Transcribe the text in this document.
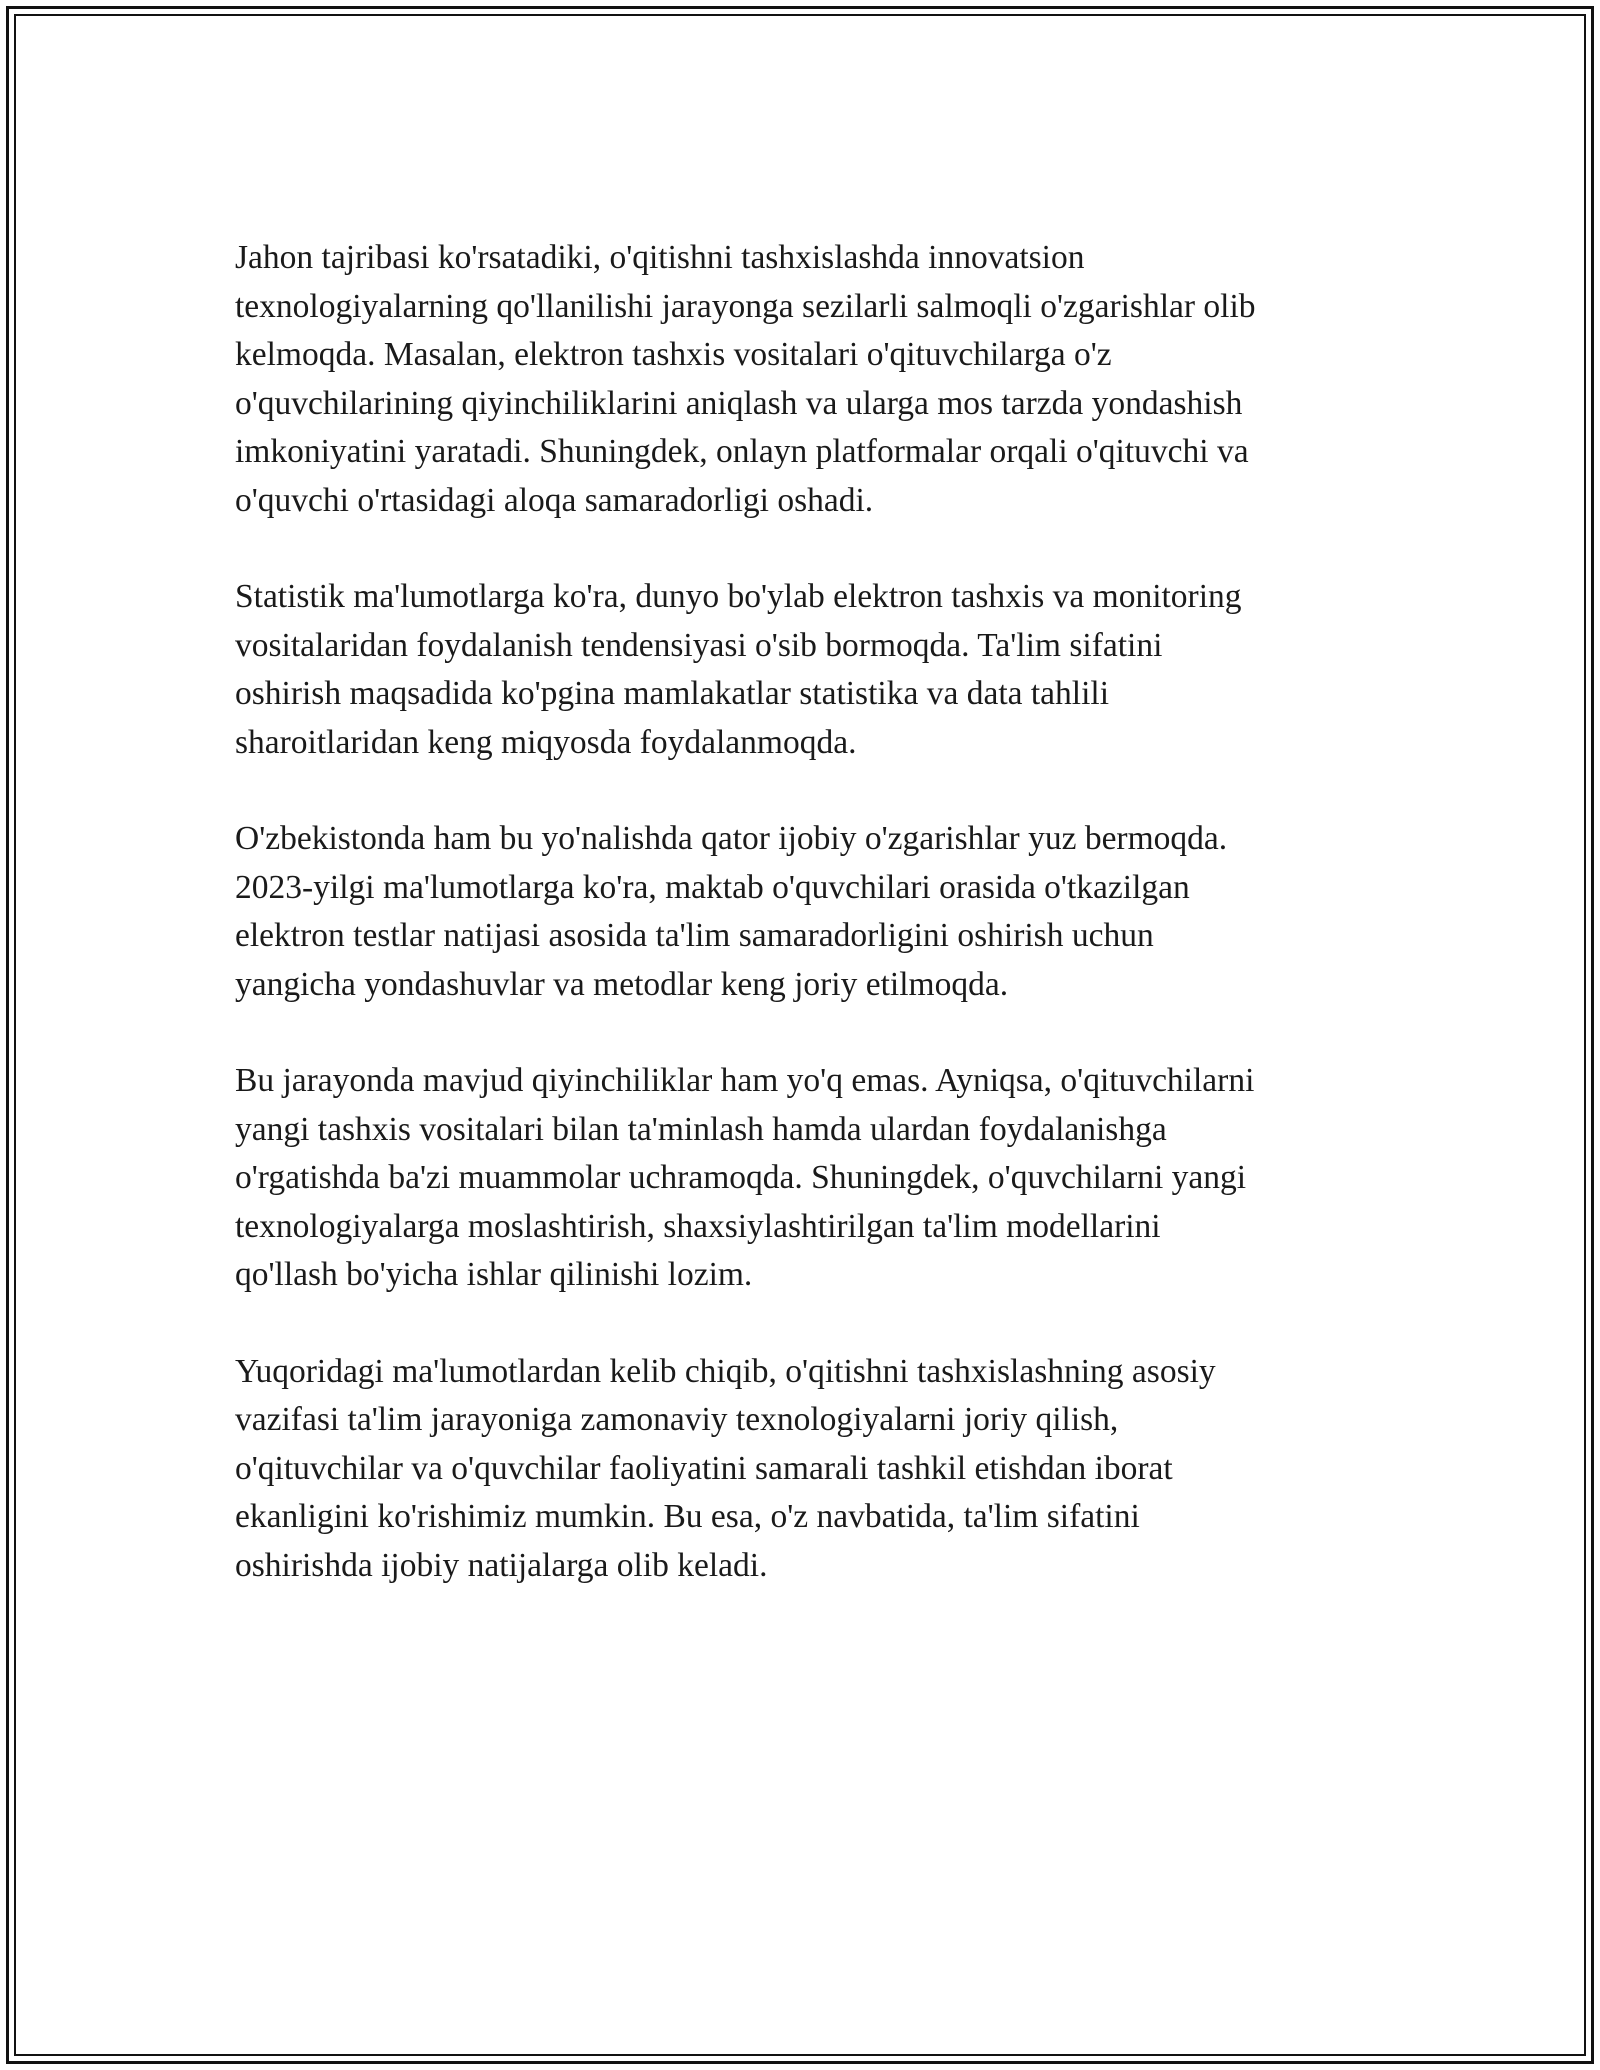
Jahon tajribasi ko'rsatadiki, o'qitishni tashxislashda innovatsion
texnologiyalarning qo'llanilishi jarayonga sezilarli salmoqli o'zgarishlar olib
kelmoqda. Masalan, elektron tashxis vositalari o'qituvchilarga o'z
o'quvchilarining qiyinchiliklarini aniqlash va ularga mos tarzda yondashish
imkoniyatini yaratadi. Shuningdek, onlayn platformalar orqali o'qituvchi va
o'quvchi o'rtasidagi aloqa samaradorligi oshadi.

Statistik ma'lumotlarga ko'ra, dunyo bo'ylab elektron tashxis va monitoring
vositalaridan foydalanish tendensiyasi o'sib bormoqda. Ta'lim sifatini
oshirish maqsadida ko'pgina mamlakatlar statistika va data tahlili
sharoitlaridan keng miqyosda foydalanmoqda.

O'zbekistonda ham bu yo'nalishda qator ijobiy o'zgarishlar yuz bermoqda.
2023-yilgi ma'lumotlarga ko'ra, maktab o'quvchilari orasida o'tkazilgan
elektron testlar natijasi asosida ta'lim samaradorligini oshirish uchun
yangicha yondashuvlar va metodlar keng joriy etilmoqda.

Bu jarayonda mavjud qiyinchiliklar ham yo'q emas. Ayniqsa, o'qituvchilarni
yangi tashxis vositalari bilan ta'minlash hamda ulardan foydalanishga
o'rgatishda ba'zi muammolar uchramoqda. Shuningdek, o'quvchilarni yangi
texnologiyalarga moslashtirish, shaxsiylashtirilgan ta'lim modellarini
qo'llash bo'yicha ishlar qilinishi lozim.

Yuqoridagi ma'lumotlardan kelib chiqib, o'qitishni tashxislashning asosiy
vazifasi ta'lim jarayoniga zamonaviy texnologiyalarni joriy qilish,
o'qituvchilar va o'quvchilar faoliyatini samarali tashkil etishdan iborat
ekanligini ko'rishimiz mumkin. Bu esa, o'z navbatida, ta'lim sifatini
oshirishda ijobiy natijalarga olib keladi.
